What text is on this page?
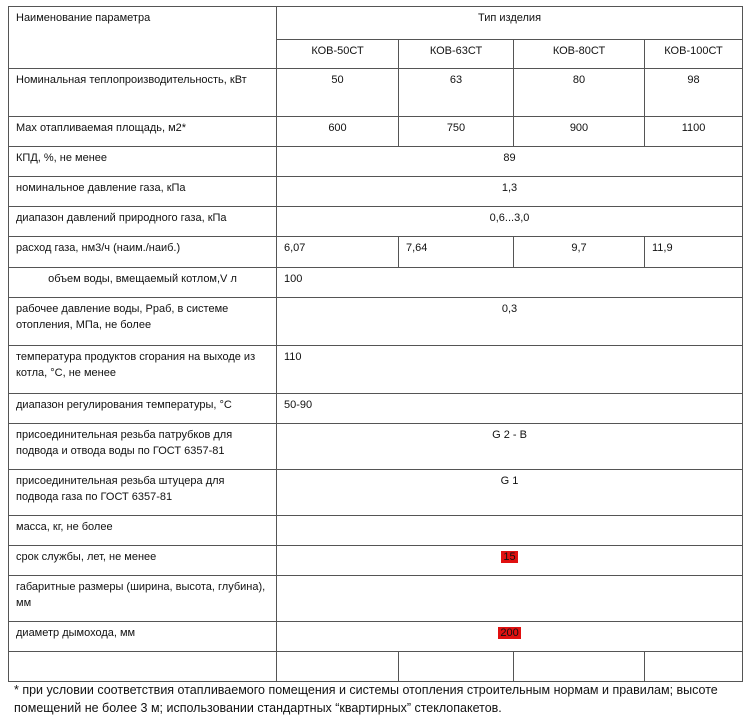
Наименование параметра	Тип изделия			
	КОВ-50СТ	КОВ-63СТ	КОВ-80СТ	КОВ-100СТ
Номинальная теплопроизводительность, кВт	50	63	80	98
Мах отапливаемая площадь, м2*	600	750	900	1100
КПД, %, не менее	89			
номинальное давление газа, кПа	1,3			
диапазон давлений природного газа, кПа	0,6...3,0			
расход газа, нм3/ч (наим./наиб.)	6,07	7,64	9,7	11,9
объем воды, вмещаемый котлом,V л	100			
рабочее давление воды, Рраб, в системе отопления, МПа, не более	0,3			
температура продуктов сгорания на выходе из котла, °С, не менее	110			
диапазон регулирования температуры, °С	50-90			
присоединительная резьба патрубков для подвода и отвода воды по ГОСТ 6357-81	G 2 - B			
присоединительная резьба штуцера для подвода газа по ГОСТ 6357-81	G 1			
масса, кг, не более				
срок службы, лет, не менее	15			
габаритные размеры (ширина, высота, глубина), мм				
диаметр дымохода, мм	200			

* при условии соответствия отапливаемого помещения и системы отопления строительным нормам и правилам; высоте помещений не более 3 м; использовании стандартных “квартирных” стеклопакетов.
